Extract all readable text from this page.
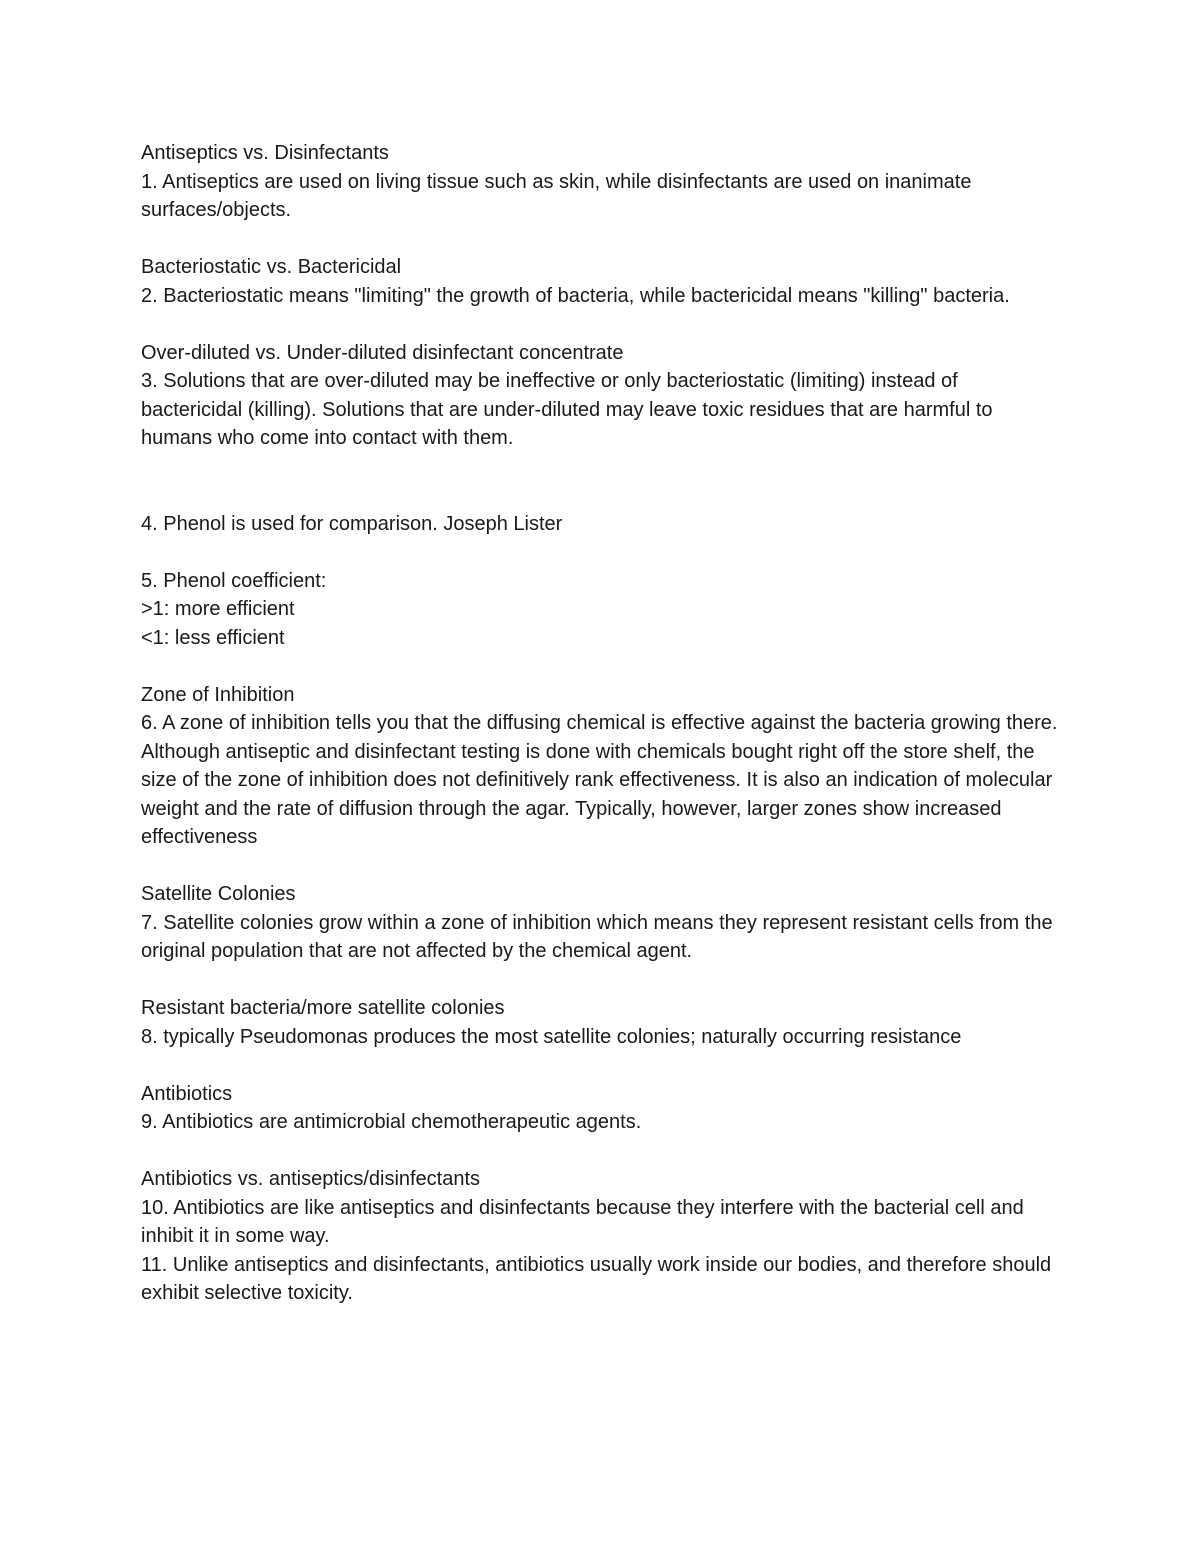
Antiseptics vs. Disinfectants
1. Antiseptics are used on living tissue such as skin, while disinfectants are used on inanimate surfaces/objects.
Bacteriostatic vs. Bactericidal
2. Bacteriostatic means "limiting" the growth of bacteria, while bactericidal means "killing" bacteria.
Over-diluted vs. Under-diluted disinfectant concentrate
3. Solutions that are over-diluted may be ineffective or only bacteriostatic (limiting) instead of bactericidal (killing). Solutions that are under-diluted may leave toxic residues that are harmful to humans who come into contact with them.
4. Phenol is used for comparison. Joseph Lister
5. Phenol coefficient:
>1: more efficient
<1: less efficient
Zone of Inhibition
6. A zone of inhibition tells you that the diffusing chemical is effective against the bacteria growing there. Although antiseptic and disinfectant testing is done with chemicals bought right off the store shelf, the size of the zone of inhibition does not definitively rank effectiveness. It is also an indication of molecular weight and the rate of diffusion through the agar. Typically, however, larger zones show increased effectiveness
Satellite Colonies
7. Satellite colonies grow within a zone of inhibition which means they represent resistant cells from the original population that are not affected by the chemical agent.
Resistant bacteria/more satellite colonies
8. typically Pseudomonas produces the most satellite colonies; naturally occurring resistance
Antibiotics
9. Antibiotics are antimicrobial chemotherapeutic agents.
Antibiotics vs. antiseptics/disinfectants
10. Antibiotics are like antiseptics and disinfectants because they interfere with the bacterial cell and inhibit it in some way.
11. Unlike antiseptics and disinfectants, antibiotics usually work inside our bodies, and therefore should exhibit selective toxicity.
